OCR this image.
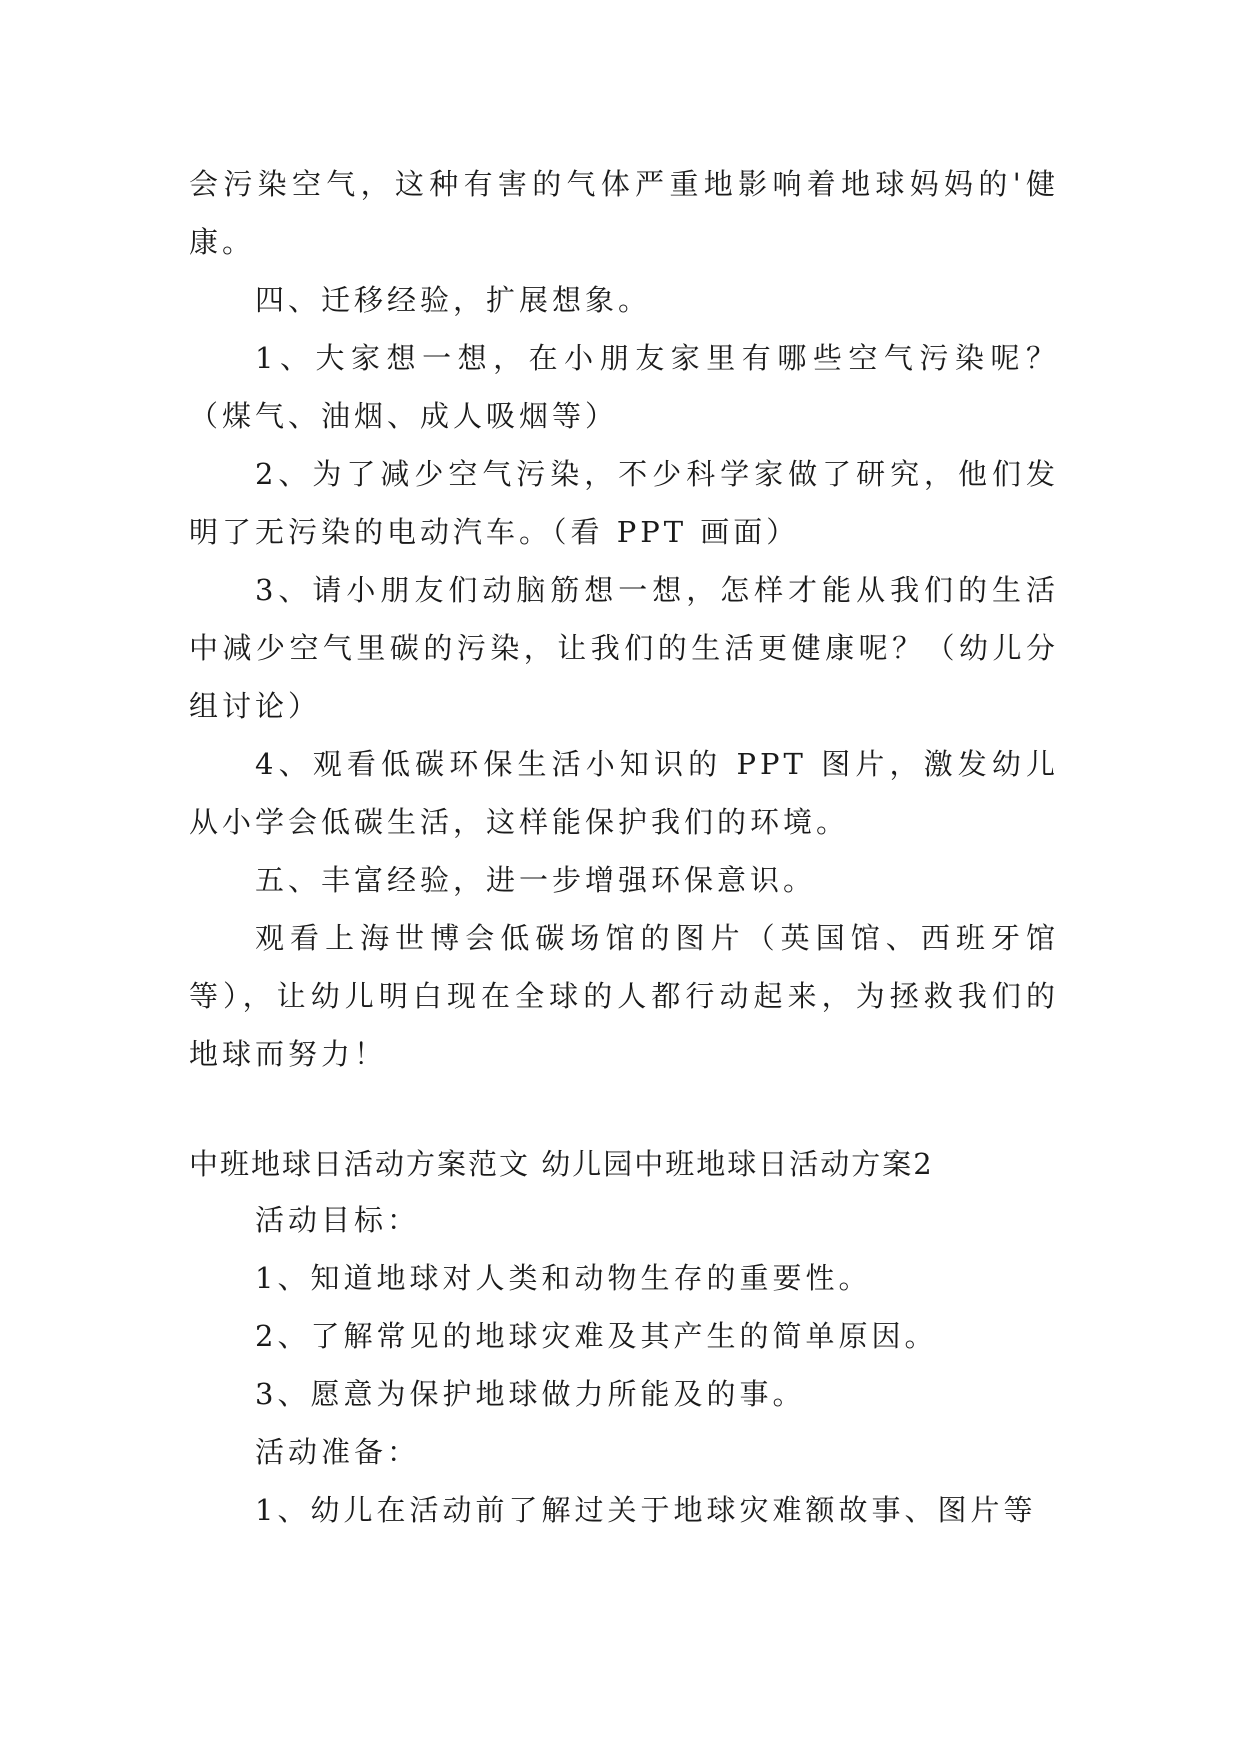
会污染空气，这种有害的气体严重地影响着地球妈妈的'健康。

四、迁移经验，扩展想象。

1、大家想一想，在小朋友家里有哪些空气污染呢？（煤气、油烟、成人吸烟等）

2、为了减少空气污染，不少科学家做了研究，他们发明了无污染的电动汽车。（看 PPT 画面）

3、请小朋友们动脑筋想一想，怎样才能从我们的生活中减少空气里碳的污染，让我们的生活更健康呢？（幼儿分组讨论）

4、观看低碳环保生活小知识的 PPT 图片，激发幼儿从小学会低碳生活，这样能保护我们的环境。

五、丰富经验，进一步增强环保意识。

观看上海世博会低碳场馆的图片（英国馆、西班牙馆等），让幼儿明白现在全球的人都行动起来，为拯救我们的地球而努力！

中班地球日活动方案范文 幼儿园中班地球日活动方案2

活动目标：

1、知道地球对人类和动物生存的重要性。

2、了解常见的地球灾难及其产生的简单原因。

3、愿意为保护地球做力所能及的事。

活动准备：

1、幼儿在活动前了解过关于地球灾难额故事、图片等
